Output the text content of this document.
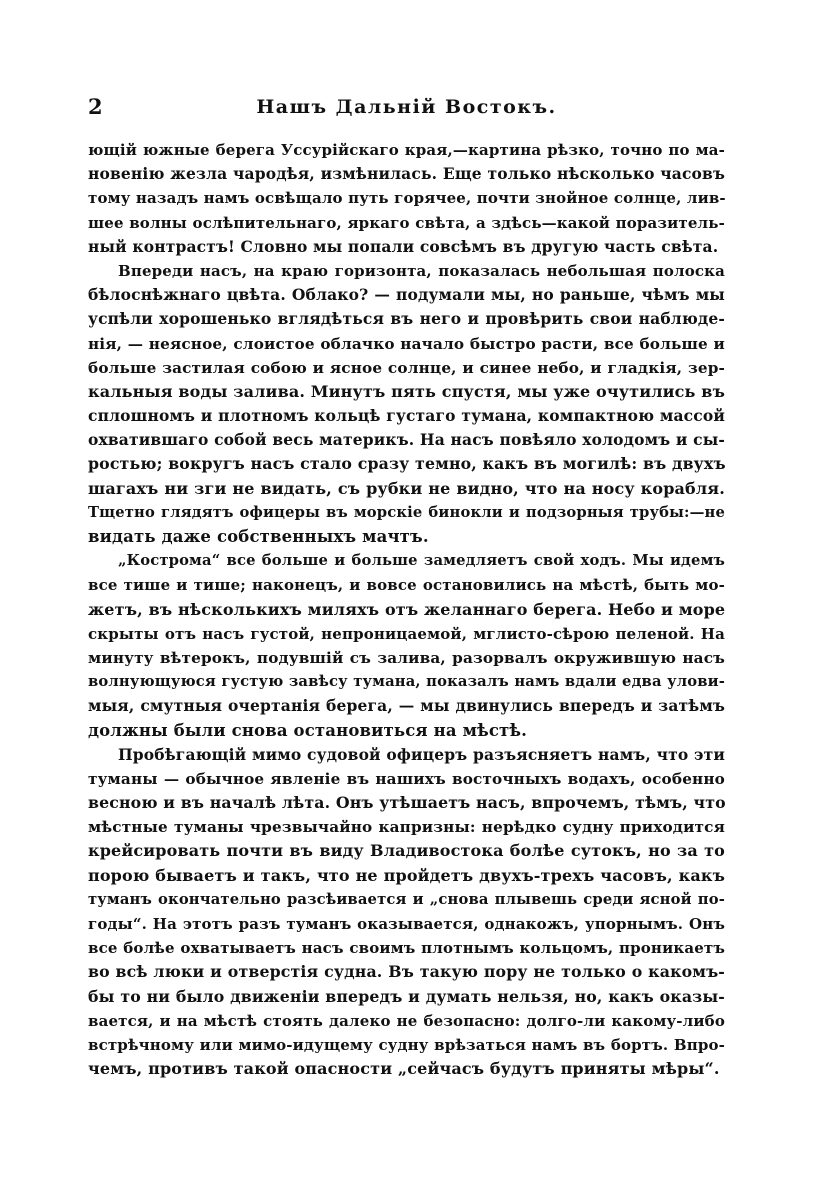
2	Нашъ Дальній Востокъ.
ющій южные берега Уссурійскаго края,—картина рѣзко, точно по ма-
новенію жезла чародѣя, измѣнилась. Еще только нѣсколько часовъ
тому назадъ намъ освѣщало путь горячее, почти знойное солнце, лив-
шее волны ослѣпительнаго, яркаго свѣта, а здѣсь—какой поразитель-
ный контрастъ! Словно мы попали совсѣмъ въ другую часть свѣта.
Впереди насъ, на краю горизонта, показалась небольшая полоска
бѣлоснѣжнаго цвѣта. Облако? — подумали мы, но раньше, чѣмъ мы
успѣли хорошенько вглядѣться въ него и провѣрить свои наблюде-
нія, — неясное, слоистое облачко начало быстро расти, все больше и
больше застилая собою и ясное солнце, и синее небо, и гладкія, зер-
кальныя воды залива. Минутъ пять спустя, мы уже очутились въ
сплошномъ и плотномъ кольцѣ густаго тумана, компактною массой
охватившаго собой весь материкъ. На насъ повѣяло холодомъ и сы-
ростью; вокругъ насъ стало сразу темно, какъ въ могилѣ: въ двухъ
шагахъ ни зги не видать, съ рубки не видно, что на носу корабля.
Тщетно глядятъ офицеры въ морскіе бинокли и подзорныя трубы:—не
видать даже собственныхъ мачтъ.
„Кострома“ все больше и больше замедляетъ свой ходъ. Мы идемъ
все тише и тише; наконецъ, и вовсе остановились на мѣстѣ, быть мо-
жетъ, въ нѣсколькихъ миляхъ отъ желаннаго берега. Небо и море
скрыты отъ насъ густой, непроницаемой, мглисто-сѣрою пеленой. На
минуту вѣтерокъ, подувшій съ залива, разорвалъ окружившую насъ
волнующуюся густую завѣсу тумана, показалъ намъ вдали едва улови-
мыя, смутныя очертанія берега, — мы двинулись впередъ и затѣмъ
должны были снова остановиться на мѣстѣ.
Пробѣгающій мимо судовой офицеръ разъясняетъ намъ, что эти
туманы — обычное явленіе въ нашихъ восточныхъ водахъ, особенно
весною и въ началѣ лѣта. Онъ утѣшаетъ насъ, впрочемъ, тѣмъ, что
мѣстные туманы чрезвычайно капризны: нерѣдко судну приходится
крейсировать почти въ виду Владивостока болѣе сутокъ, но за то
порою бываетъ и такъ, что не пройдетъ двухъ-трехъ часовъ, какъ
туманъ окончательно разсѣивается и „снова плывешь среди ясной по-
годы“. На этотъ разъ туманъ оказывается, однакожъ, упорнымъ. Онъ
все болѣе охватываетъ насъ своимъ плотнымъ кольцомъ, проникаетъ
во всѣ люки и отверстія судна. Въ такую пору не только о какомъ-
бы то ни было движеніи впередъ и думать нельзя, но, какъ оказы-
вается, и на мѣстѣ стоять далеко не безопасно: долго-ли какому-либо
встрѣчному или мимо-идущему судну врѣзаться намъ въ бортъ. Впро-
чемъ, противъ такой опасности „сейчасъ будутъ приняты мѣры“.
